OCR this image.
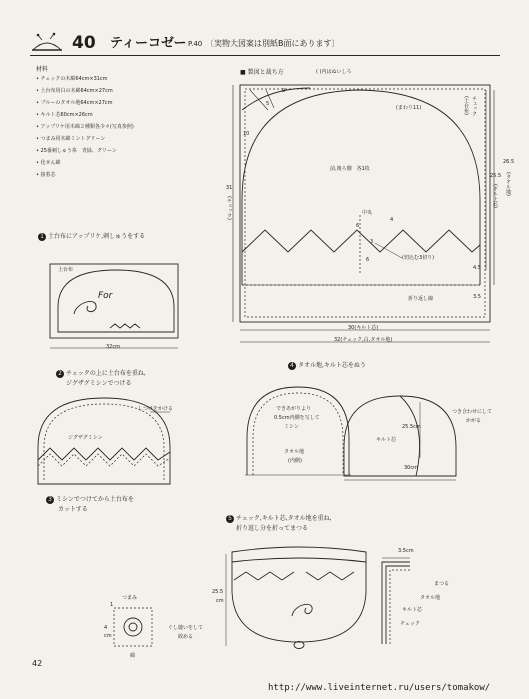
40 ティーコゼー P.40 〔実物大図案は別紙B面にあります〕
材料
• チェックの木綿64cm×31cm
• 土台布用白の木綿64cm×27cm
• ブルーのタオル地64cm×27cm
• キルト芯60cm×26cm
• アップリケ用木綿２種類各少々(写真参照)
• つまみ用木綿ミントグリーン
• 25番刺しゅう糸　青緑、グリーン
• 化せん綿
• 接着芯
■ 製図と裁ち方	( )内はぬいしろ
9
5
10
(まわり11)	チェック
(土台布)
前,後ろ側　各1枚
31
(チェック)	中央
3
4
6
6	(切込む3切り)
25.5
26.5
(キルト芯)
(タオル地)
4.5
3.5
折り返し線
30(キルト芯)
32(チェック,白,タオル地)
1 土台布にアップリケ,刺しゅうをする
土台布
For
32cm
2 チェックの上に土台布を重ね,
ジグザグミシンでつける
しつけをかける
ジグザグミシン
3 ミシンでつけてから土台布を
カットする
4 タオル地,キルト芯をぬう
できあがりより
0.5cm内側を写して
ミシン
タオル地
(内側)
25.5cm
キルト芯
30cm
つき合わせにして
かがる
5 チェック,キルト芯,タオル地を重ね,
折り返し分を折ってまつる
25.5
cm
3.5cm
まつる
タオル地
キルト芯
チェック
つまみ
1
4
cm
ぐし縫いをして
絞める
綿
42
http://www.liveinternet.ru/users/tomakow/
